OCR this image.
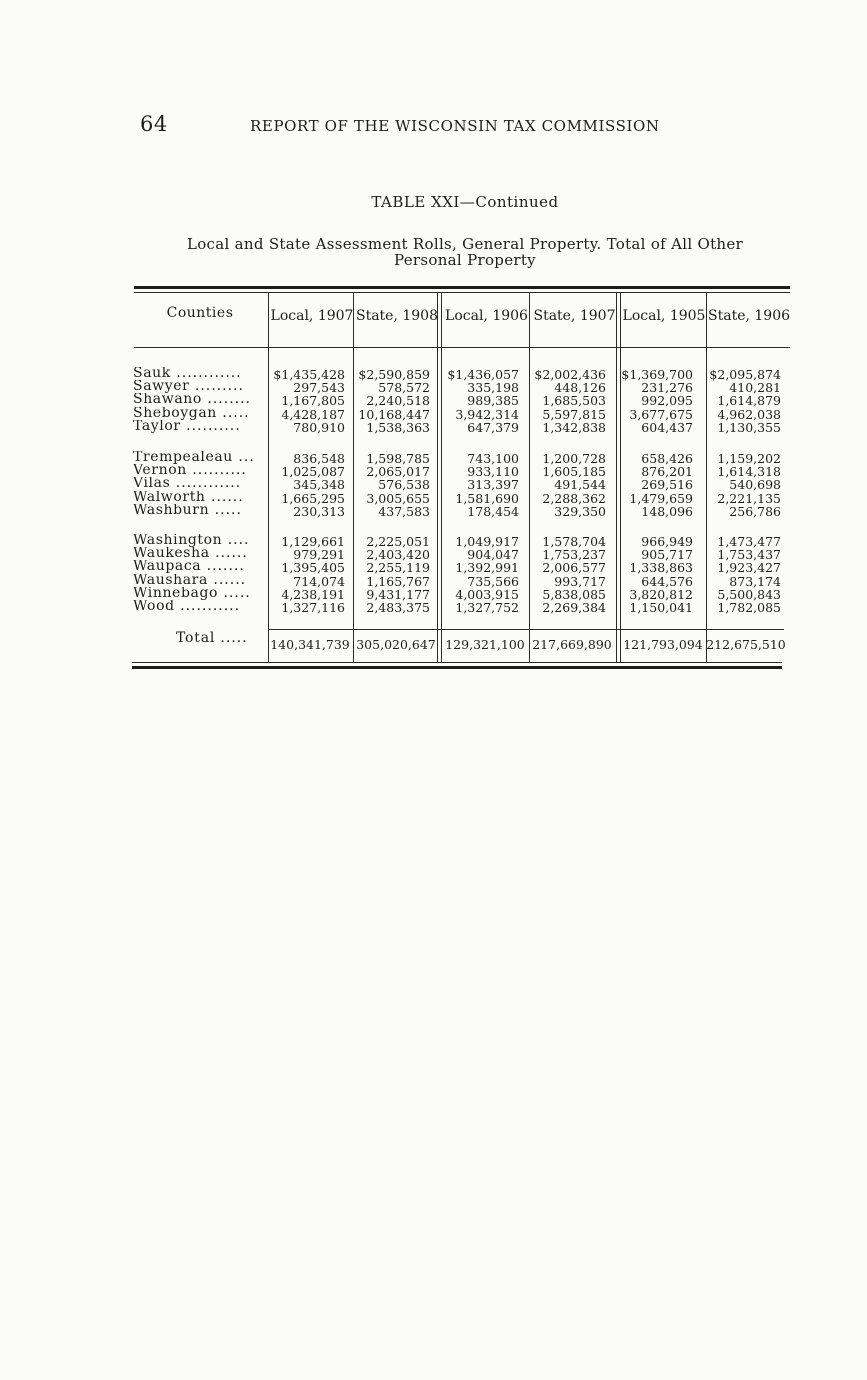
64	REPORT OF THE WISCONSIN TAX COMMISSION
TABLE XXI—Continued
Local and State Assessment Rolls, General Property. Total of All Other
Personal Property
Counties	Local, 1907 State, 1908 Local, 1906 State, 1907 Local, 1905 State, 1906
Sauk ............	$1,435,428	$2,590,859	$1,436,057	$2,002,436	$1,369,700	$2,095,874
Sawyer .........	297,543	578,572	335,198	448,126	231,276	410,281
Shawano ........	1,167,805	2,240,518	989,385	1,685,503	992,095	1,614,879
Sheboygan .....	4,428,187	10,168,447	3,942,314	5,597,815	3,677,675	4,962,038
Taylor ..........	780,910	1,538,363	647,379	1,342,838	604,437	1,130,355
Trempealeau ...	836,548	1,598,785	743,100	1,200,728	658,426	1,159,202
Vernon ..........	1,025,087	2,065,017	933,110	1,605,185	876,201	1,614,318
Vilas ............	345,348	576,538	313,397	491,544	269,516	540,698
Walworth ......	1,665,295	3,005,655	1,581,690	2,288,362	1,479,659	2,221,135
Washburn .....	230,313	437,583	178,454	329,350	148,096	256,786
Washington ....	1,129,661	2,225,051	1,049,917	1,578,704	966,949	1,473,477
Waukesha ......	979,291	2,403,420	904,047	1,753,237	905,717	1,753,437
Waupaca .......	1,395,405	2,255,119	1,392,991	2,006,577	1,338,863	1,923,427
Waushara ......	714,074	1,165,767	735,566	993,717	644,576	873,174
Winnebago .....	4,238,191	9,431,177	4,003,915	5,838,085	3,820,812	5,500,843
Wood ...........	1,327,116	2,483,375	1,327,752	2,269,384	1,150,041	1,782,085
Total .....	140,341,739 305,020,647 129,321,100 217,669,890 121,793,094 212,675,510
